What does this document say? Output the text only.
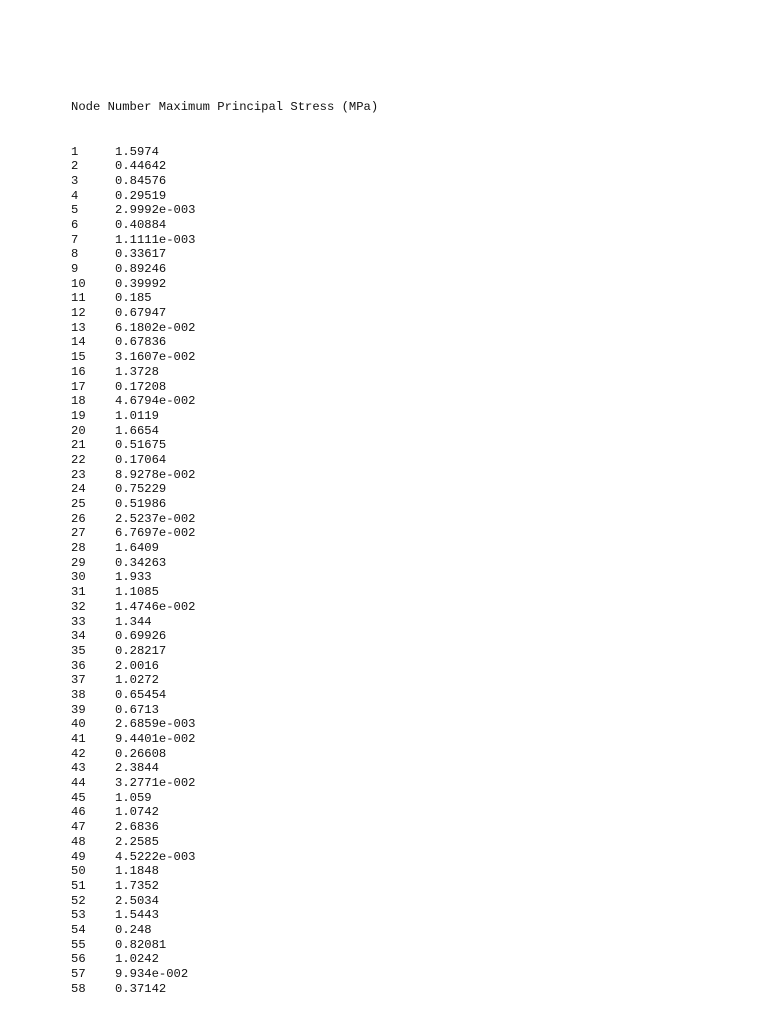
Node Number Maximum Principal Stress (MPa)

1	1.5974
2	0.44642
3	0.84576
4	0.29519
5	2.9992e-003
6	0.40884
7	1.1111e-003
8	0.33617
9	0.89246
10	0.39992
11	0.185
12	0.67947
13	6.1802e-002
14	0.67836
15	3.1607e-002
16	1.3728
17	0.17208
18	4.6794e-002
19	1.0119
20	1.6654
21	0.51675
22	0.17064
23	8.9278e-002
24	0.75229
25	0.51986
26	2.5237e-002
27	6.7697e-002
28	1.6409
29	0.34263
30	1.933
31	1.1085
32	1.4746e-002
33	1.344
34	0.69926
35	0.28217
36	2.0016
37	1.0272
38	0.65454
39	0.6713
40	2.6859e-003
41	9.4401e-002
42	0.26608
43	2.3844
44	3.2771e-002
45	1.059
46	1.0742
47	2.6836
48	2.2585
49	4.5222e-003
50	1.1848
51	1.7352
52	2.5034
53	1.5443
54	0.248
55	0.82081
56	1.0242
57	9.934e-002
58	0.37142
